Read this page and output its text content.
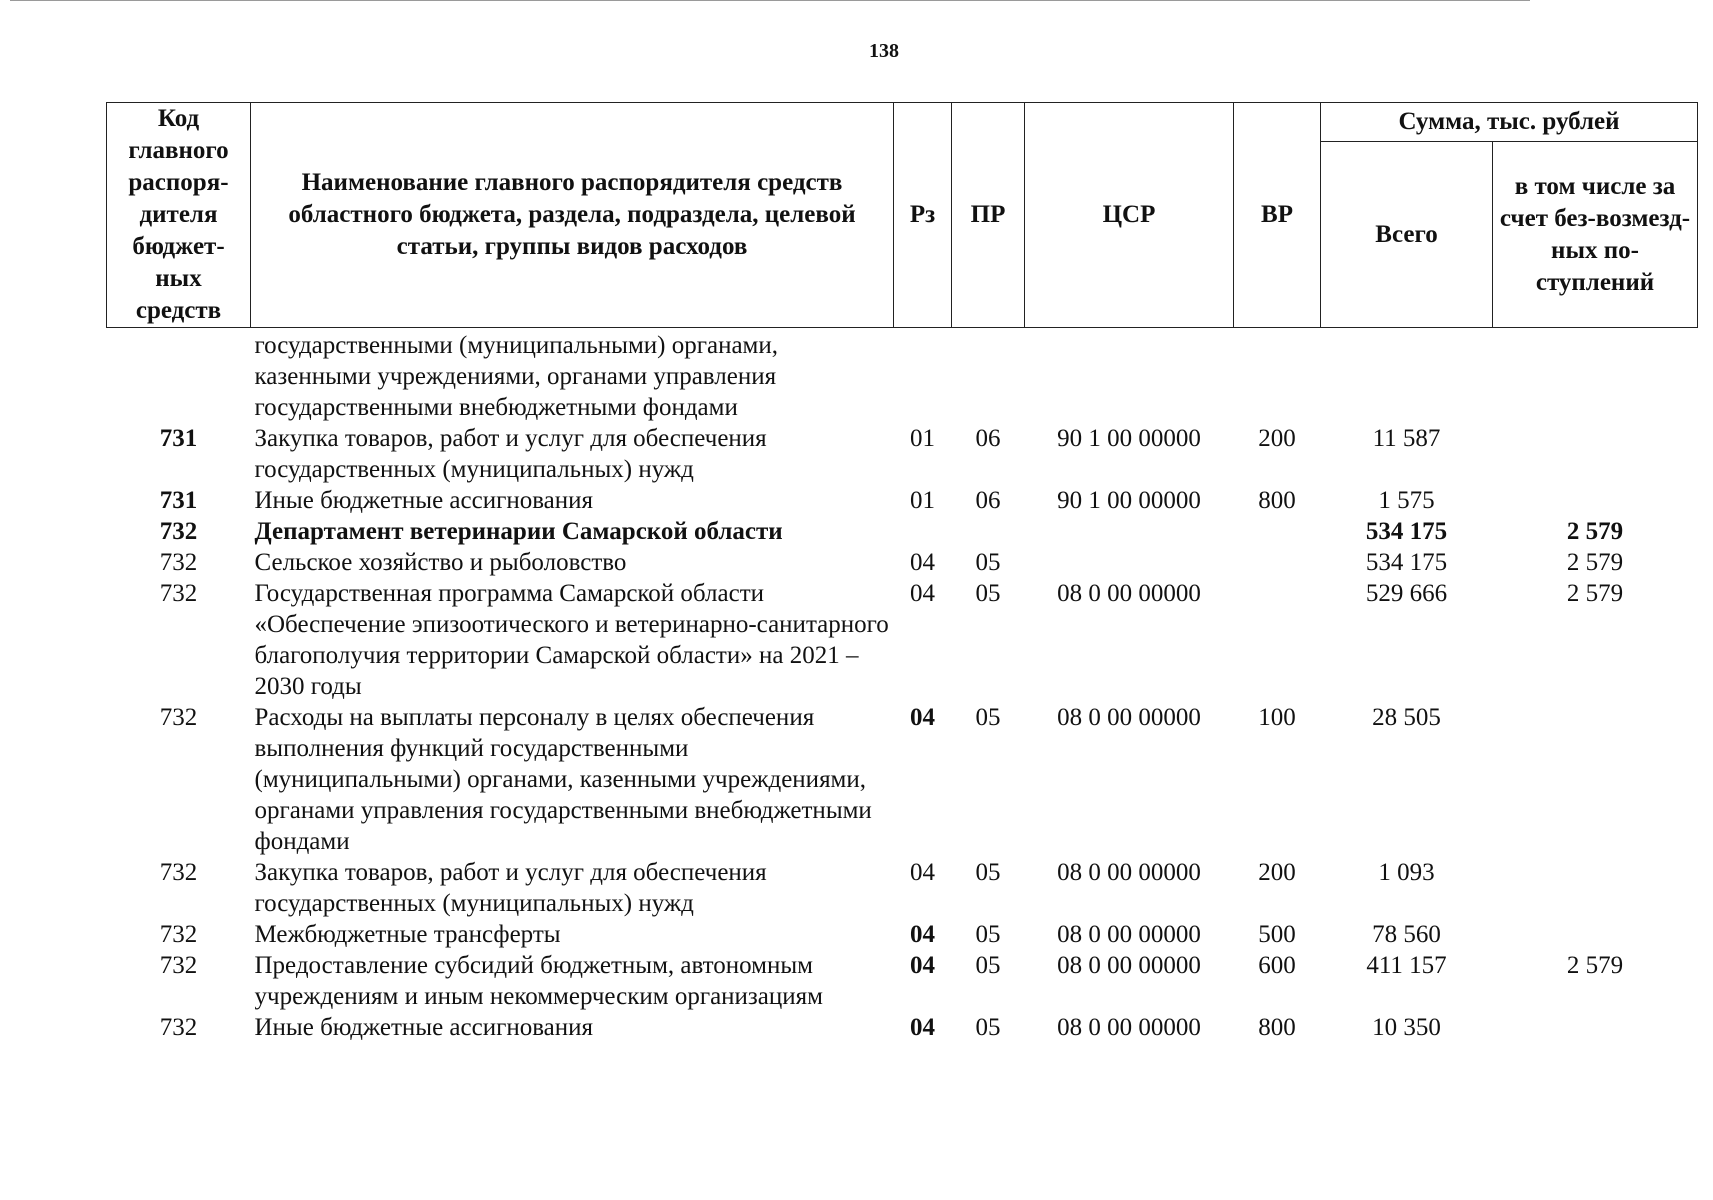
138
Код главного распоря-дителя бюджет-ных средств	Наименование главного распорядителя средств областного бюджета, раздела, подраздела, целевой статьи, группы видов расходов	Рз	ПР	ЦСР	ВР	Сумма, тыс. рублей	
						Всего	в том числе за счет без-возмезд-ных по-ступлений
	государственными (муниципальными) органами, казенными учреждениями, органами управления государственными внебюджетными фондами						
731	Закупка товаров, работ и услуг для обеспечения государственных (муниципальных) нужд	01	06	90 1 00 00000	200	11 587	
731	Иные бюджетные ассигнования	01	06	90 1 00 00000	800	1 575	
732	Департамент ветеринарии Самарской области					534 175	2 579
732	Сельское хозяйство и рыболовство	04	05			534 175	2 579
732	Государственная программа Самарской области «Обеспечение эпизоотического и ветеринарно-санитарного благополучия территории Самарской области» на 2021 – 2030 годы	04	05	08 0 00 00000		529 666	2 579
732	Расходы на выплаты персоналу в целях обеспечения выполнения функций государственными (муниципальными) органами, казенными учреждениями, органами управления государственными внебюджетными фондами	04	05	08 0 00 00000	100	28 505	
732	Закупка товаров, работ и услуг для обеспечения государственных (муниципальных) нужд	04	05	08 0 00 00000	200	1 093	
732	Межбюджетные трансферты	04	05	08 0 00 00000	500	78 560	
732	Предоставление субсидий бюджетным, автономным учреждениям и иным некоммерческим организациям	04	05	08 0 00 00000	600	411 157	2 579
732	Иные бюджетные ассигнования	04	05	08 0 00 00000	800	10 350	
